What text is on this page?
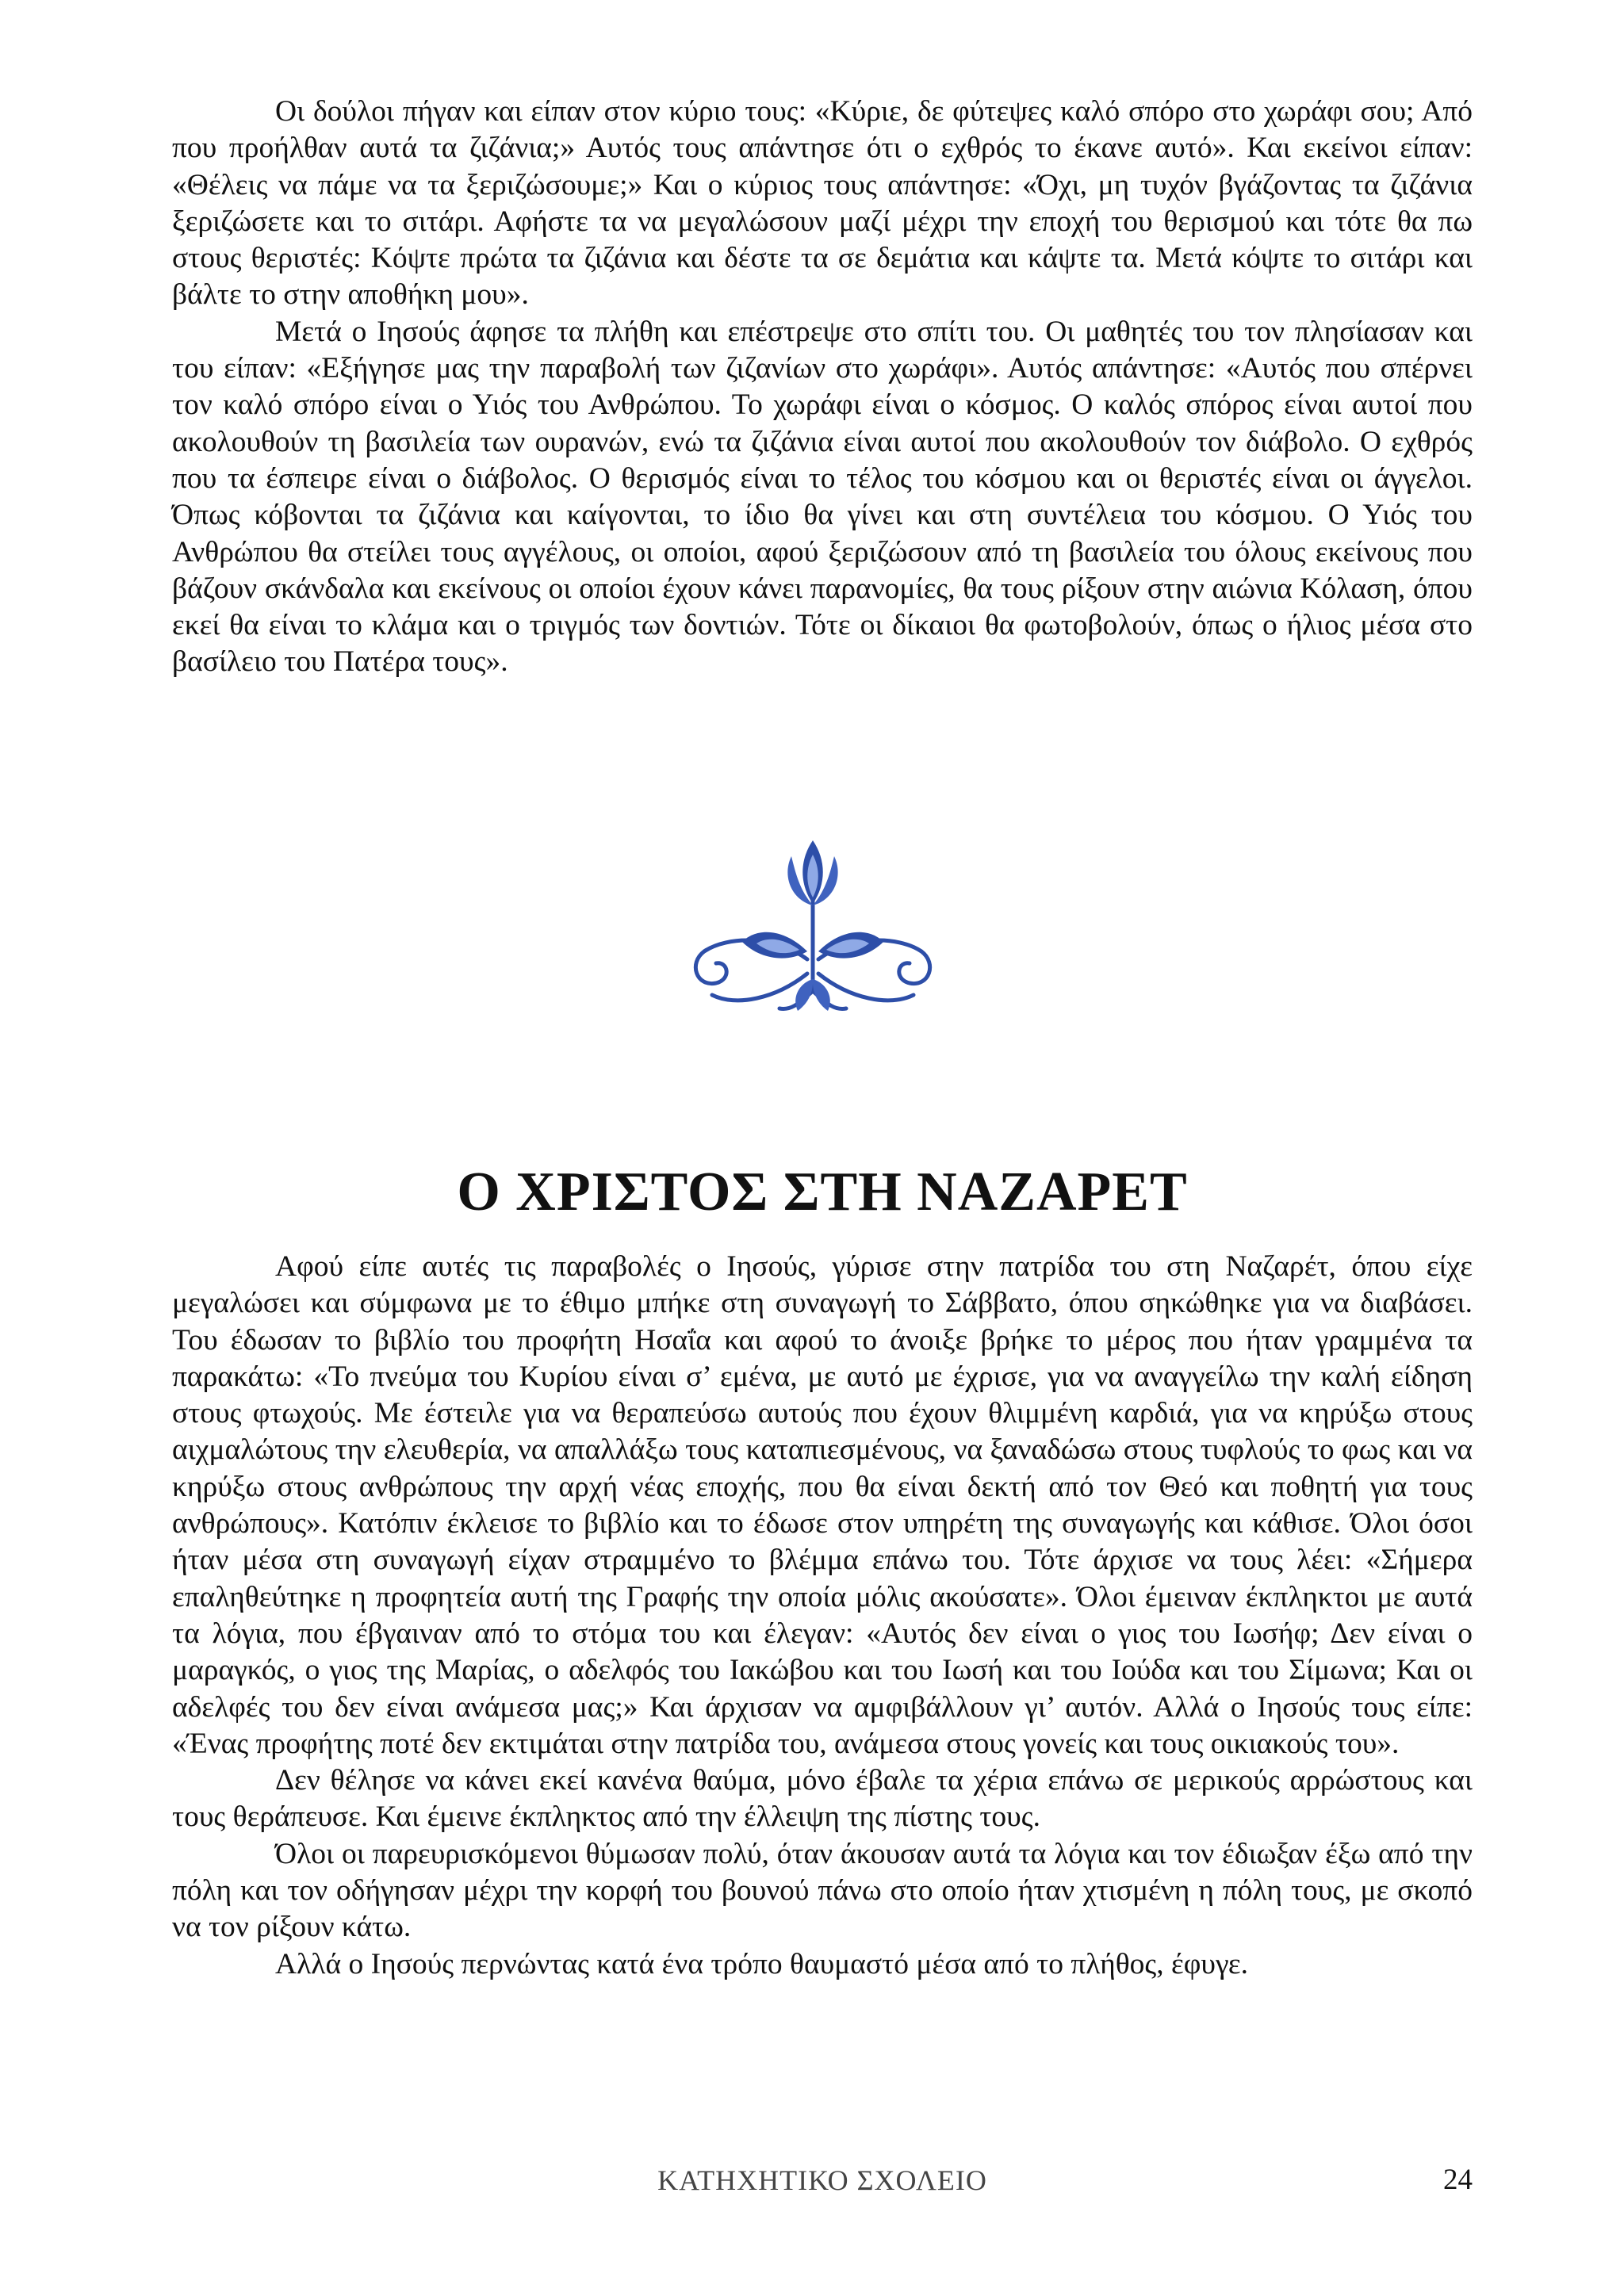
Οι δούλοι πήγαν και είπαν στον κύριο τους: «Κύριε, δε φύτεψες καλό σπόρο στο χωράφι σου; Από που προήλθαν αυτά τα ζιζάνια;» Αυτός τους απάντησε ότι ο εχθρός το έκανε αυτό». Και εκείνοι είπαν: «Θέλεις να πάμε να τα ξεριζώσουμε;» Και ο κύριος τους απάντησε: «Όχι, μη τυχόν βγάζοντας τα ζιζάνια ξεριζώσετε και το σιτάρι. Αφήστε τα να μεγαλώσουν μαζί μέχρι την εποχή του θερισμού και τότε θα πω στους θεριστές: Κόψτε πρώτα τα ζιζάνια και δέστε τα σε δεμάτια και κάψτε τα. Μετά κόψτε το σιτάρι και βάλτε το στην αποθήκη μου».

Μετά ο Ιησούς άφησε τα πλήθη και επέστρεψε στο σπίτι του. Οι μαθητές του τον πλησίασαν και του είπαν: «Εξήγησε μας την παραβολή των ζιζανίων στο χωράφι». Αυτός απάντησε: «Αυτός που σπέρνει τον καλό σπόρο είναι ο Υιός του Ανθρώπου. Το χωράφι είναι ο κόσμος. Ο καλός σπόρος είναι αυτοί που ακολουθούν τη βασιλεία των ουρανών, ενώ τα ζιζάνια είναι αυτοί που ακολουθούν τον διάβολο. Ο εχθρός που τα έσπειρε είναι ο διάβολος. Ο θερισμός είναι το τέλος του κόσμου και οι θεριστές είναι οι άγγελοι. Όπως κόβονται τα ζιζάνια και καίγονται, το ίδιο θα γίνει και στη συντέλεια του κόσμου. Ο Υιός του Ανθρώπου θα στείλει τους αγγέλους, οι οποίοι, αφού ξεριζώσουν από τη βασιλεία του όλους εκείνους που βάζουν σκάνδαλα και εκείνους οι οποίοι έχουν κάνει παρανομίες, θα τους ρίξουν στην αιώνια Κόλαση, όπου εκεί θα είναι το κλάμα και ο τριγμός των δοντιών. Τότε οι δίκαιοι θα φωτοβολούν, όπως ο ήλιος μέσα στο βασίλειο του Πατέρα τους».

Ο ΧΡΙΣΤΟΣ ΣΤΗ ΝΑΖΑΡΕΤ

Αφού είπε αυτές τις παραβολές ο Ιησούς, γύρισε στην πατρίδα του στη Ναζαρέτ, όπου είχε μεγαλώσει και σύμφωνα με το έθιμο μπήκε στη συναγωγή το Σάββατο, όπου σηκώθηκε για να διαβάσει. Του έδωσαν το βιβλίο του προφήτη Ησαΐα και αφού το άνοιξε βρήκε το μέρος που ήταν γραμμένα τα παρακάτω: «Το πνεύμα του Κυρίου είναι σ’ εμένα, με αυτό με έχρισε, για να αναγγείλω την καλή είδηση στους φτωχούς. Με έστειλε για να θεραπεύσω αυτούς που έχουν θλιμμένη καρδιά, για να κηρύξω στους αιχμαλώτους την ελευθερία, να απαλλάξω τους καταπιεσμένους, να ξαναδώσω στους τυφλούς το φως και να κηρύξω στους ανθρώπους την αρχή νέας εποχής, που θα είναι δεκτή από τον Θεό και ποθητή για τους ανθρώπους». Κατόπιν έκλεισε το βιβλίο και το έδωσε στον υπηρέτη της συναγωγής και κάθισε. Όλοι όσοι ήταν μέσα στη συναγωγή είχαν στραμμένο το βλέμμα επάνω του. Τότε άρχισε να τους λέει: «Σήμερα επαληθεύτηκε η προφητεία αυτή της Γραφής την οποία μόλις ακούσατε». Όλοι έμειναν έκπληκτοι με αυτά τα λόγια, που έβγαιναν από το στόμα του και έλεγαν: «Αυτός δεν είναι ο γιος του Ιωσήφ; Δεν είναι ο μαραγκός, ο γιος της Μαρίας, ο αδελφός του Ιακώβου και του Ιωσή και του Ιούδα και του Σίμωνα; Και οι αδελφές του δεν είναι ανάμεσα μας;» Και άρχισαν να αμφιβάλλουν γι’ αυτόν. Αλλά ο Ιησούς τους είπε: «Ένας προφήτης ποτέ δεν εκτιμάται στην πατρίδα του, ανάμεσα στους γονείς και τους οικιακούς του».

Δεν θέλησε να κάνει εκεί κανένα θαύμα, μόνο έβαλε τα χέρια επάνω σε μερικούς αρρώστους και τους θεράπευσε. Και έμεινε έκπληκτος από την έλλειψη της πίστης τους.

Όλοι οι παρευρισκόμενοι θύμωσαν πολύ, όταν άκουσαν αυτά τα λόγια και τον έδιωξαν έξω από την πόλη και τον οδήγησαν μέχρι την κορφή του βουνού πάνω στο οποίο ήταν χτισμένη η πόλη τους, με σκοπό να τον ρίξουν κάτω.

Αλλά ο Ιησούς περνώντας κατά ένα τρόπο θαυμαστό μέσα από το πλήθος, έφυγε.

ΚΑΤΗΧΗΤΙΚΟ ΣΧΟΛΕΙΟ	24
